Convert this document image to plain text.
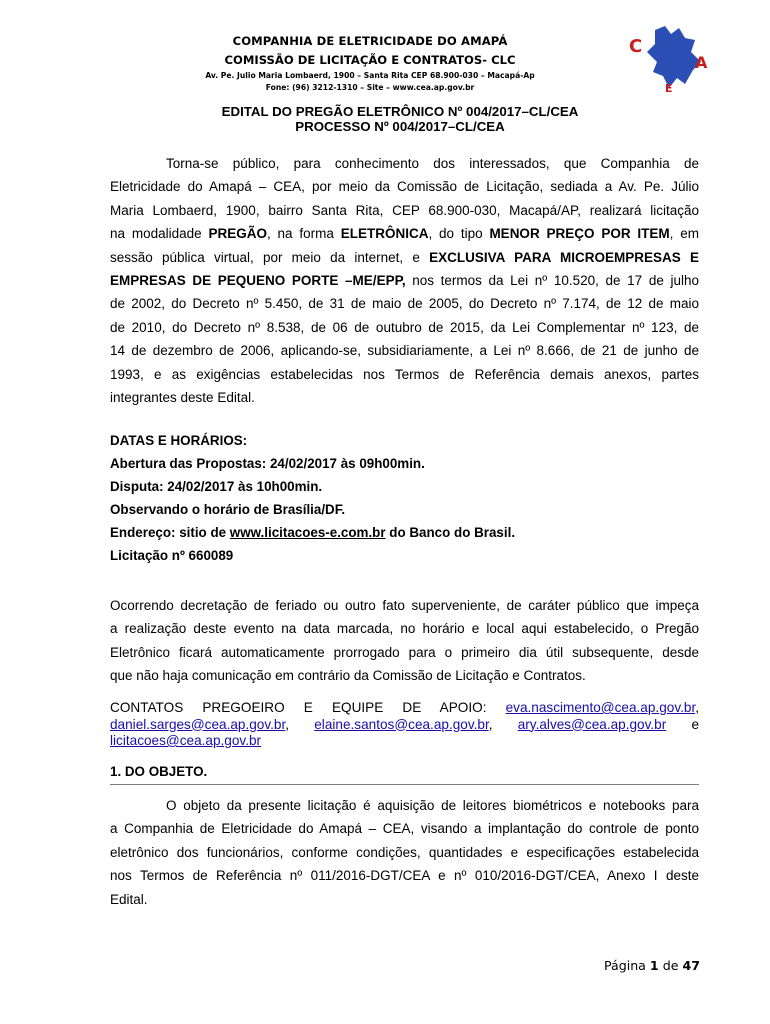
COMPANHIA DE ELETRICIDADE DO AMAPÁ
COMISSÃO DE LICITAÇÃO E CONTRATOS- CLC
Av. Pe. Julio Maria Lombaerd, 1900 – Santa Rita CEP 68.900-030 – Macapá-Ap
Fone: (96) 3212-1310 – Site – www.cea.ap.gov.br
C
A
E
EDITAL DO PREGÃO ELETRÔNICO Nº 004/2017–CL/CEA
PROCESSO Nº 004/2017–CL/CEA
Torna-se público, para conhecimento dos interessados, que Companhia de
Eletricidade do Amapá – CEA, por meio da Comissão de Licitação, sediada a Av. Pe. Júlio
Maria Lombaerd, 1900, bairro Santa Rita, CEP 68.900-030, Macapá/AP, realizará licitação
na modalidade PREGÃO, na forma ELETRÔNICA, do tipo MENOR PREÇO POR ITEM, em
sessão pública virtual, por meio da internet, e EXCLUSIVA PARA MICROEMPRESAS E
EMPRESAS DE PEQUENO PORTE –ME/EPP, nos termos da Lei nº 10.520, de 17 de julho
de 2002, do Decreto nº 5.450, de 31 de maio de 2005, do Decreto nº 7.174, de 12 de maio
de 2010, do Decreto nº 8.538, de 06 de outubro de 2015, da Lei Complementar nº 123, de
14 de dezembro de 2006, aplicando-se, subsidiariamente, a Lei nº 8.666, de 21 de junho de
1993, e as exigências estabelecidas nos Termos de Referência demais anexos, partes
integrantes deste Edital.
DATAS E HORÁRIOS:
Abertura das Propostas: 24/02/2017 às 09h00min.
Disputa: 24/02/2017 às 10h00min.
Observando o horário de Brasília/DF.
Endereço: sitio de www.licitacoes-e.com.br do Banco do Brasil.
Licitação nº 660089
Ocorrendo decretação de feriado ou outro fato superveniente, de caráter público que impeça
a realização deste evento na data marcada, no horário e local aqui estabelecido, o Pregão
Eletrônico ficará automaticamente prorrogado para o primeiro dia útil subsequente, desde
que não haja comunicação em contrário da Comissão de Licitação e Contratos.
CONTATOS PREGOEIRO E EQUIPE DE APOIO: eva.nascimento@cea.ap.gov.br,
daniel.sarges@cea.ap.gov.br, elaine.santos@cea.ap.gov.br, ary.alves@cea.ap.gov.br e
licitacoes@cea.ap.gov.br
1. DO OBJETO.
O objeto da presente licitação é aquisição de leitores biométricos e notebooks para
a Companhia de Eletricidade do Amapá – CEA, visando a implantação do controle de ponto
eletrônico dos funcionários, conforme condições, quantidades e especificações estabelecida
nos Termos de Referência nº 011/2016-DGT/CEA e nº 010/2016-DGT/CEA, Anexo I deste
Edital.
Página 1 de 47
